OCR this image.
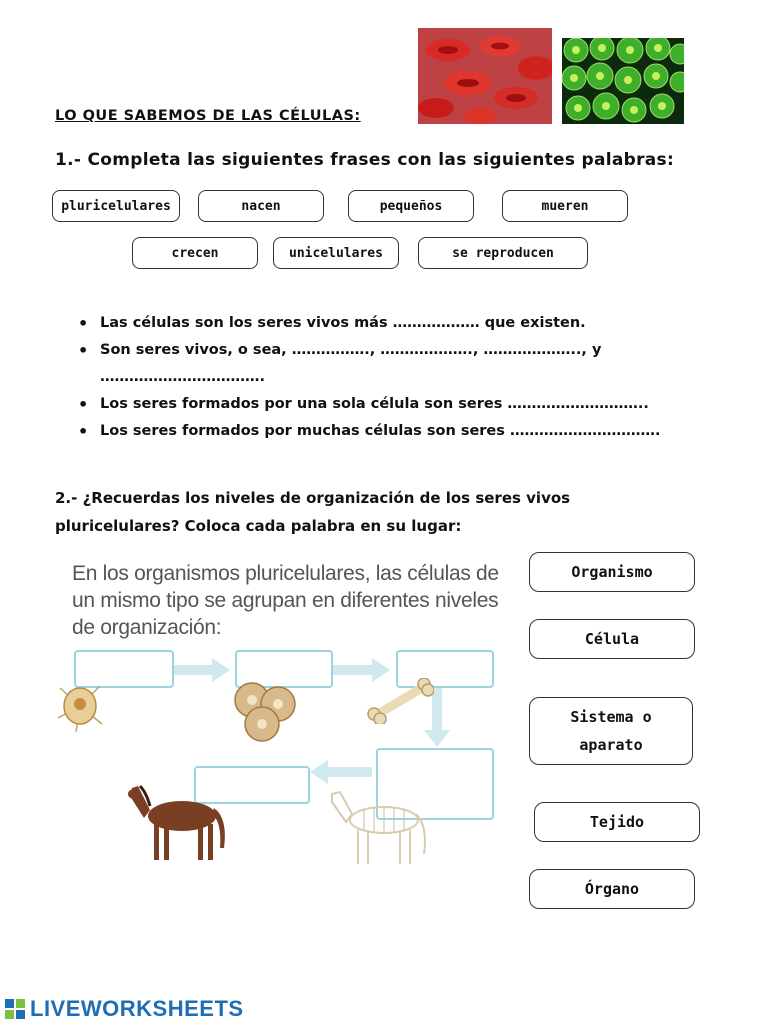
LO QUE SABEMOS DE LAS CÉLULAS:
1.- Completa las siguientes frases con las siguientes palabras:
pluricelulares	nacen	pequeños	mueren
crecen	unicelulares	se reproducen
• Las células son los seres vivos más ……………… que existen.
• Son seres vivos, o sea, ……………., ………………., ……………….., y …………………………….
• Los seres formados por una sola célula son seres ………………………..
• Los seres formados por muchas células son seres ………………………….
2.- ¿Recuerdas los niveles de organización de los seres vivos pluricelulares? Coloca cada palabra en su lugar:
En los organismos pluricelulares, las células de un mismo tipo se agrupan en diferentes niveles de organización:
Organismo
Célula
Sistema o aparato
Tejido
Órgano
LIVEWORKSHEETS
